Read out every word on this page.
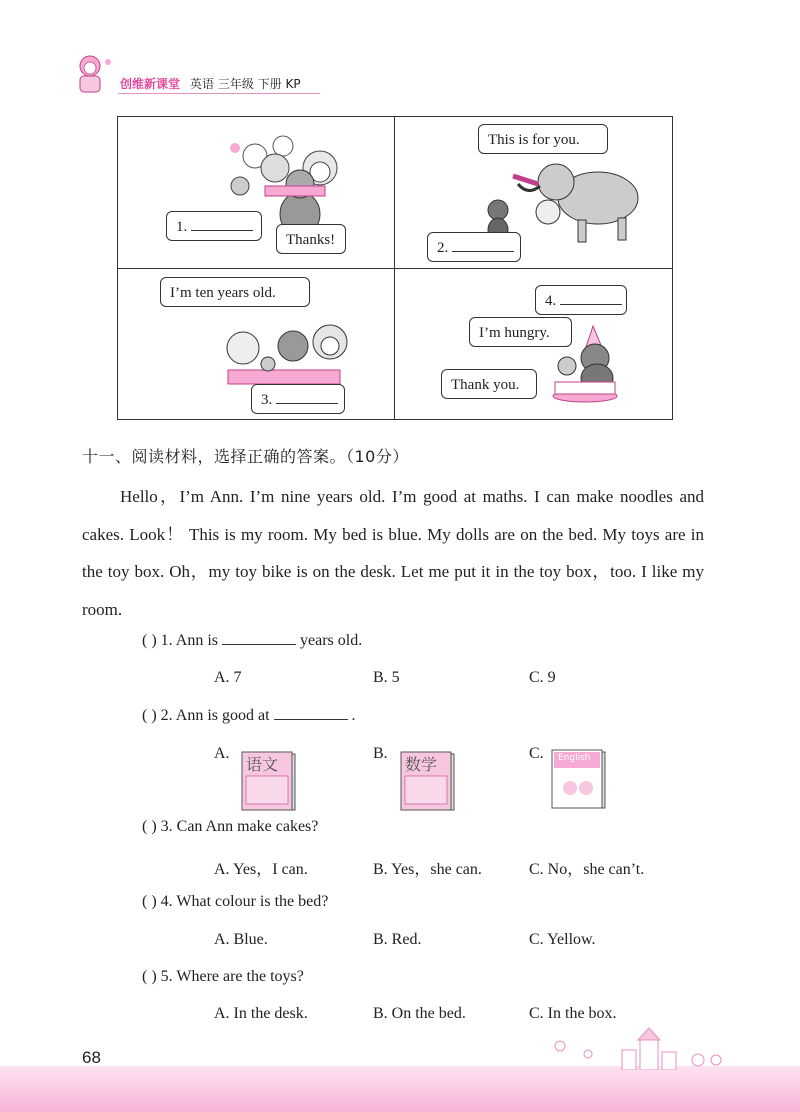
创维新课堂 英语 三年级 下册 KP
1.
Thanks!
This is for you.
2.
I’m ten years old.
3.
4.
I’m hungry.
Thank you.
十一、阅读材料，选择正确的答案。（10分）

Hello，I’m Ann. I’m nine years old. I’m good at maths. I can make noodles and cakes. Look！ This is my room. My bed is blue. My dolls are on the bed. My toys are in the toy box. Oh，my toy bike is on the desk. Let me put it in the toy box，too. I like my room.

( ) 1. Ann is	years old.
A. 7	B. 5	C. 9
( ) 2. Ann is good at	.
A.	B.	C.
语文	数学	English
( ) 3. Can Ann make cakes?
A. Yes，I can.	B. Yes，she can.	C. No，she can’t.
( ) 4. What colour is the bed?
A. Blue.	B. Red.	C. Yellow.
( ) 5. Where are the toys?
A. In the desk.	B. On the bed.	C. In the box.
68
